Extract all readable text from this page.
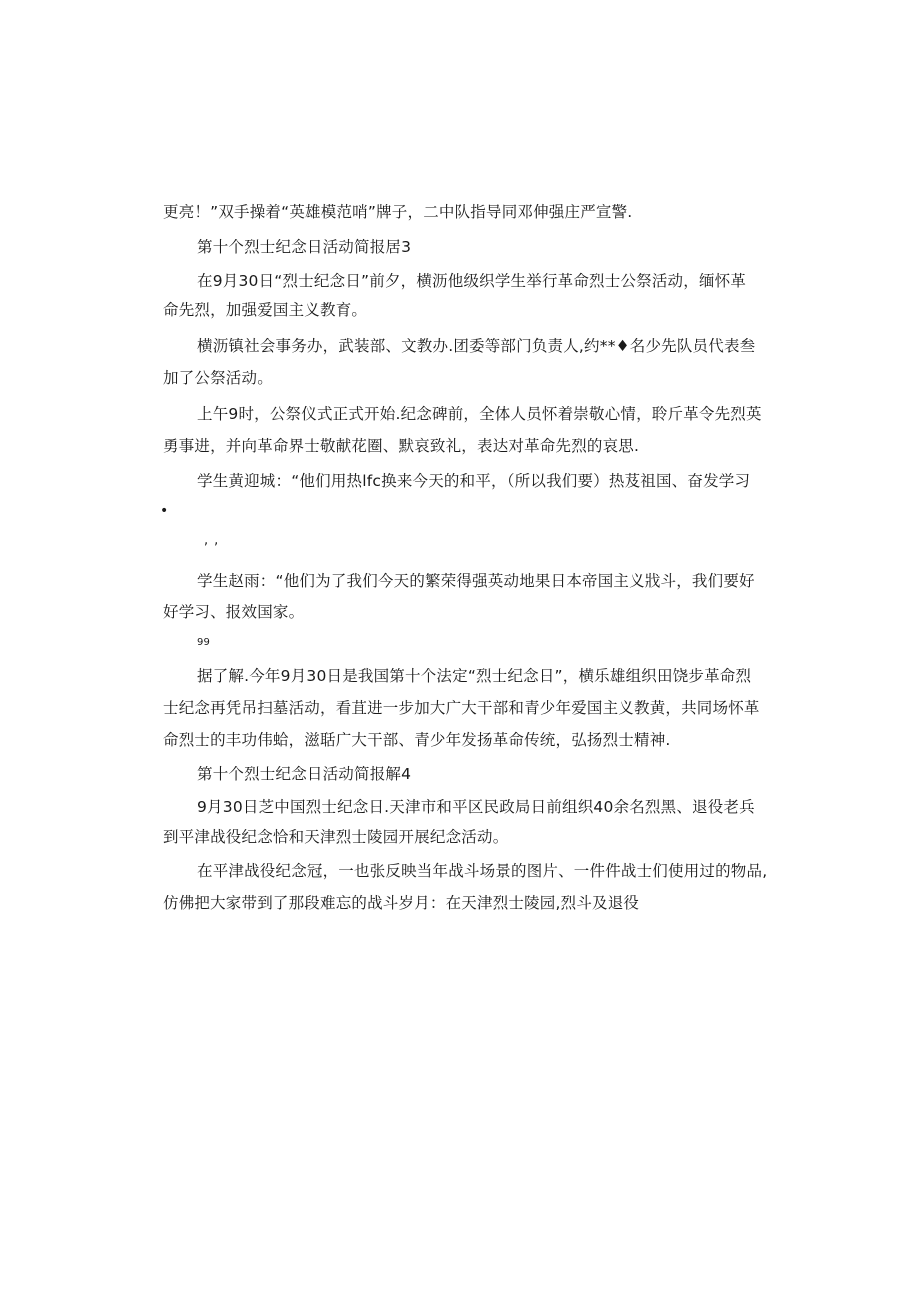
更亮！”双手操着“英雄模范哨”牌子，二中队指导同邓伸强庄严宣警.
第十个烈士纪念日活动简报居3
在9月30日“烈士纪念日”前夕，横沥他级织学生举行革命烈士公祭活动，缅怀革
命先烈，加强爱国主义教育。
横沥镇社会事务办，武装部、文教办.团委等部门负责人,约**♦名少先队员代表叁
加了公祭活动。
上午9时，公祭仪式正式开始.纪念碑前，全体人员怀着崇敬心情，聆斤革令先烈英
勇事进，并向革命界士敬献花圈、默哀致礼，表达对革命先烈的哀思.
学生黄迎城：“他们用热lfc换来今天的和平，（所以我们要）热芨祖国、奋发学习
•
,,
学生赵雨：“他们为了我们今天的繁荣得强英动地果日本帝国主义戕斗，我们要好
好学习、报效国家。
99
据了解.今年9月30日是我国第十个法定“烈士纪念日”，横乐雄组织田饶步革命烈
士纪念再凭吊扫墓活动，看苴进一步加大广大干部和青少年爱国主义教黄，共同场怀革
命烈士的丰功伟蛤，滋聒广大干部、青少年发扬革命传统，弘扬烈士精神.
第十个烈士纪念日活动简报解4
9月30日芝中国烈士纪念日.天津市和平区民政局日前组织40余名烈黑、退役老兵
到平津战役纪念恰和天津烈士陵园开展纪念活动。
在平津战役纪念冠，一也张反映当年战斗场景的图片、一件件战士们使用过的物品,
仿佛把大家带到了那段难忘的战斗岁月：在天津烈士陵园,烈斗及退役
